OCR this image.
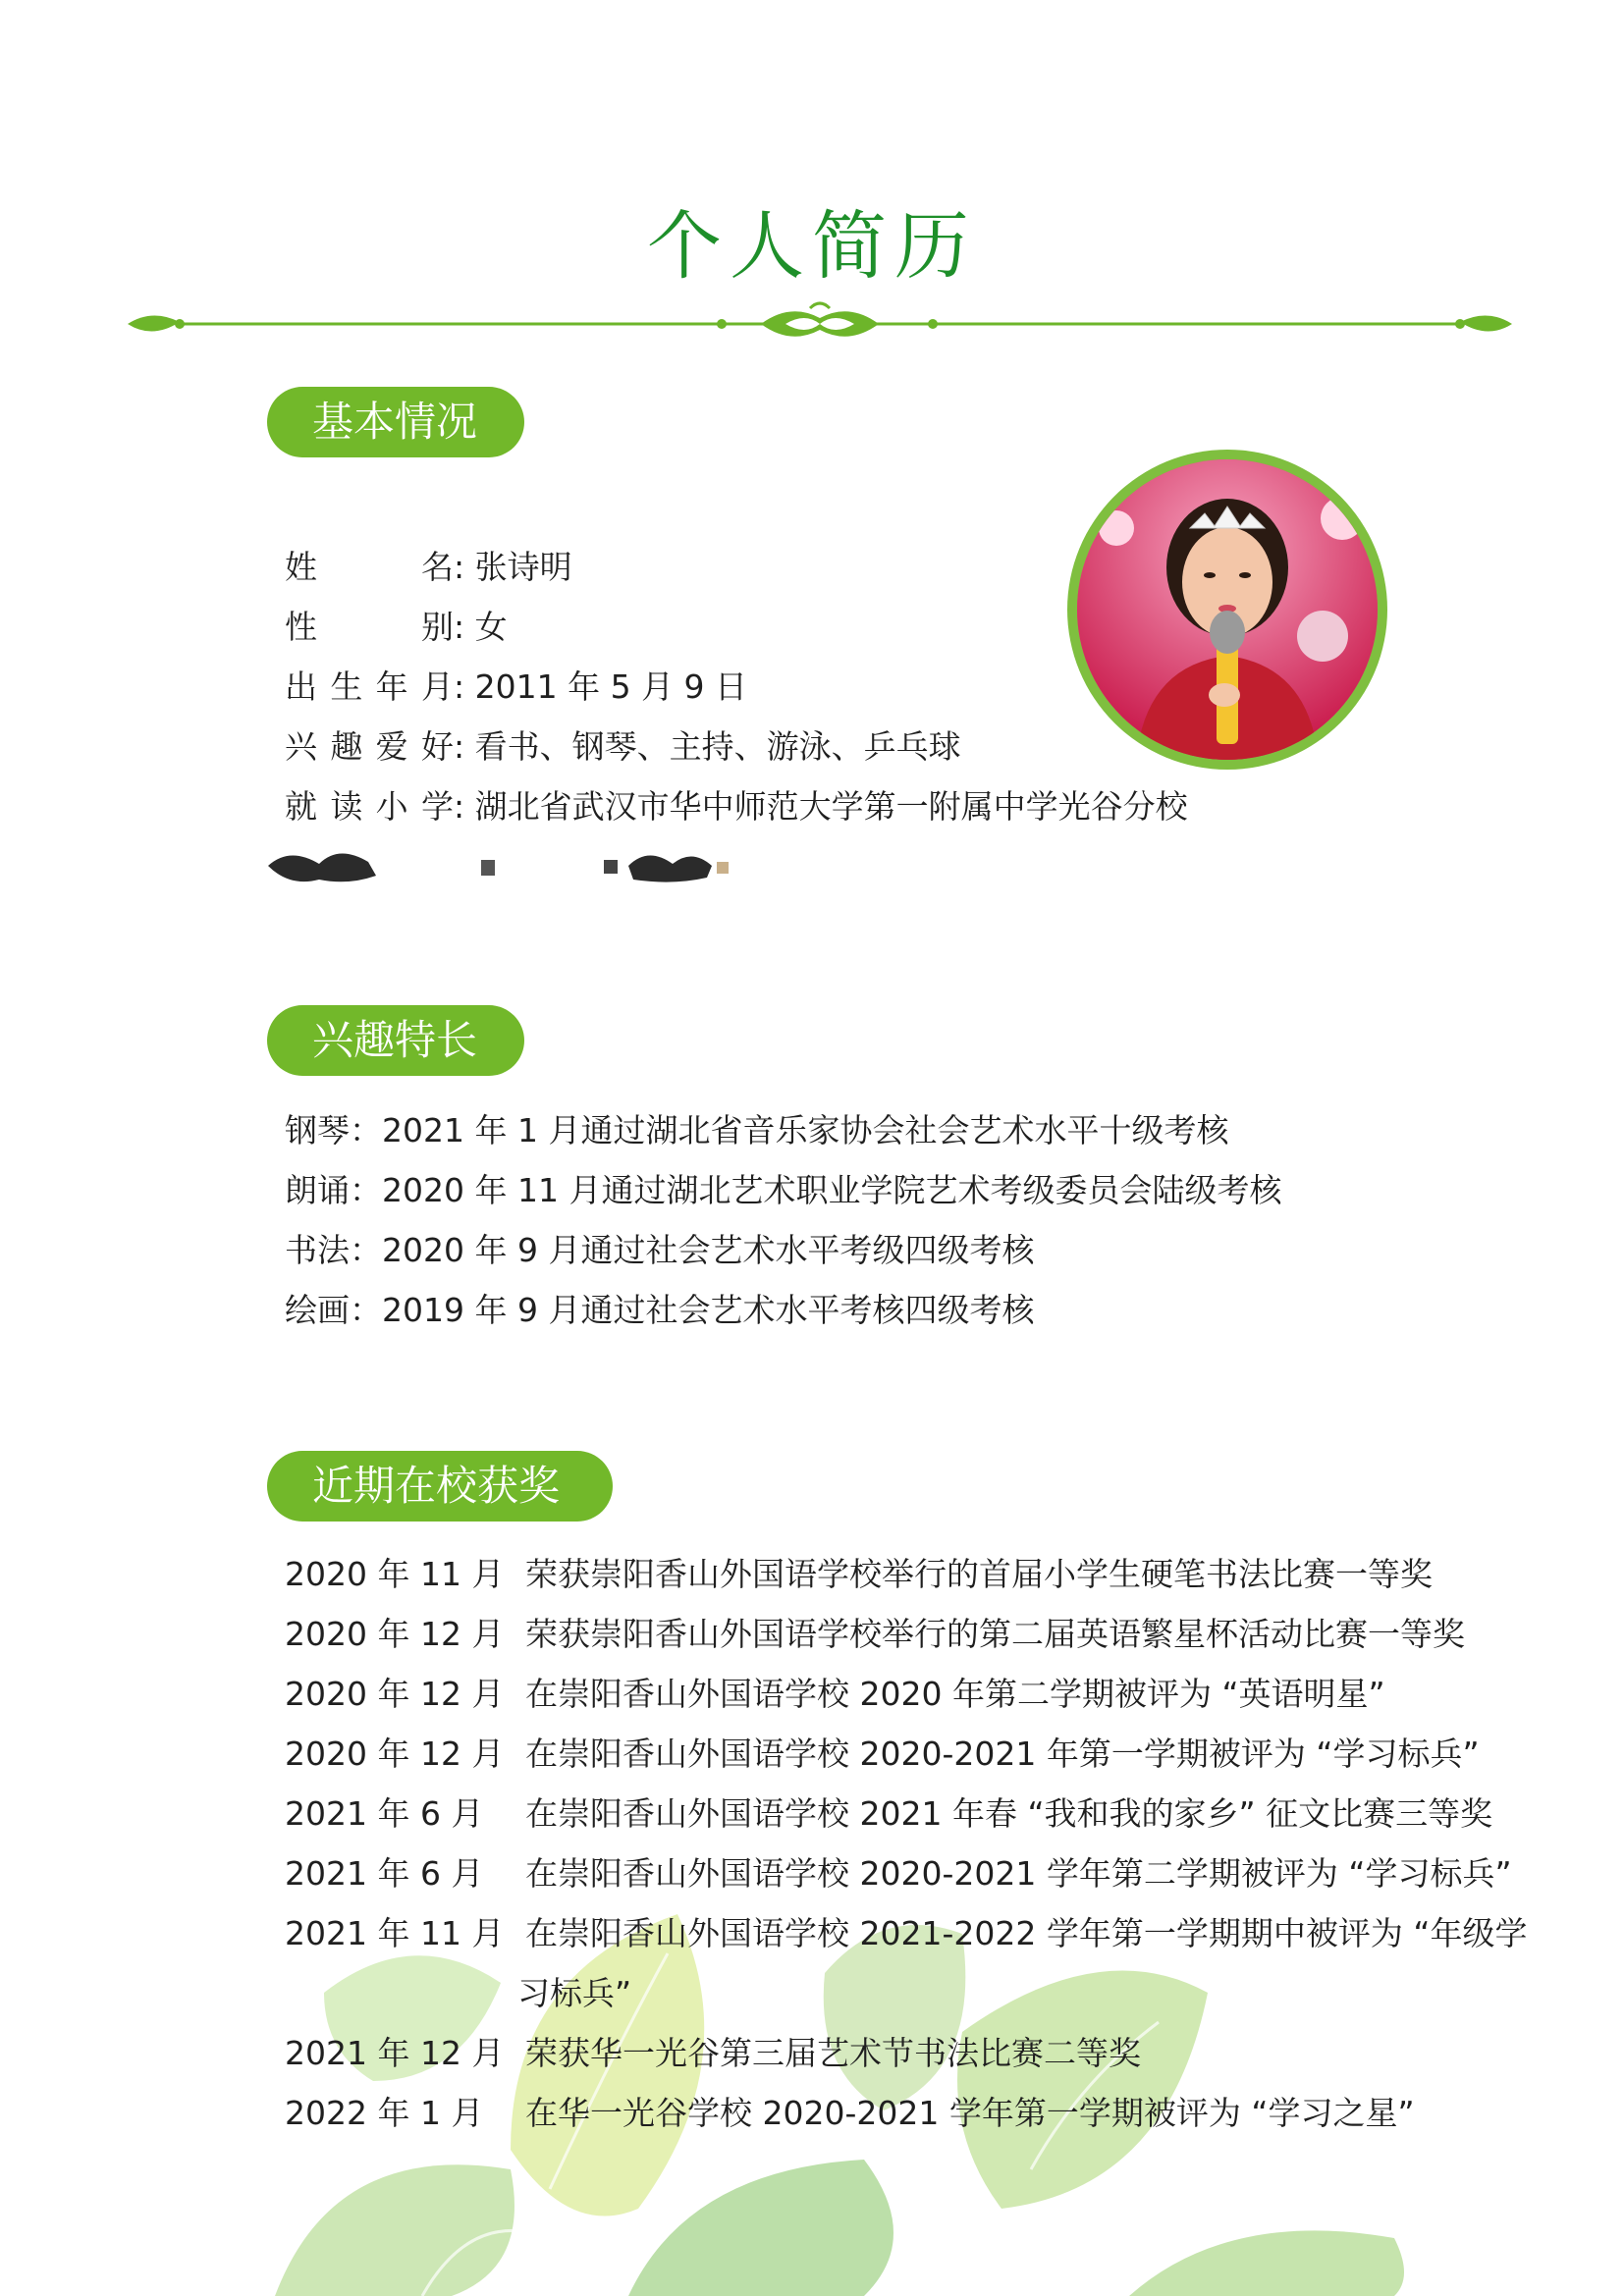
个人简历
基本情况
姓名: 张诗明
性别: 女
出生年月: 2011 年 5 月 9 日
兴趣爱好: 看书、钢琴、主持、游泳、乒乓球
就读小学: 湖北省武汉市华中师范大学第一附属中学光谷分校
兴趣特长
钢琴：2021 年 1 月通过湖北省音乐家协会社会艺术水平十级考核
朗诵：2020 年 11 月通过湖北艺术职业学院艺术考级委员会陆级考核
书法：2020 年 9 月通过社会艺术水平考级四级考核
绘画：2019 年 9 月通过社会艺术水平考核四级考核
近期在校获奖
2020 年 11 月 荣获崇阳香山外国语学校举行的首届小学生硬笔书法比赛一等奖
2020 年 12 月 荣获崇阳香山外国语学校举行的第二届英语繁星杯活动比赛一等奖
2020 年 12 月 在崇阳香山外国语学校 2020 年第二学期被评为 “英语明星”
2020 年 12 月 在崇阳香山外国语学校 2020-2021 年第一学期被评为 “学习标兵”
2021 年 6 月 在崇阳香山外国语学校 2021 年春 “我和我的家乡” 征文比赛三等奖
2021 年 6 月 在崇阳香山外国语学校 2020-2021 学年第二学期被评为 “学习标兵”
2021 年 11 月 在崇阳香山外国语学校 2021-2022 学年第一学期期中被评为 “年级学
习标兵”
2021 年 12 月 荣获华一光谷第三届艺术节书法比赛二等奖
2022 年 1 月 在华一光谷学校 2020-2021 学年第一学期被评为 “学习之星”
